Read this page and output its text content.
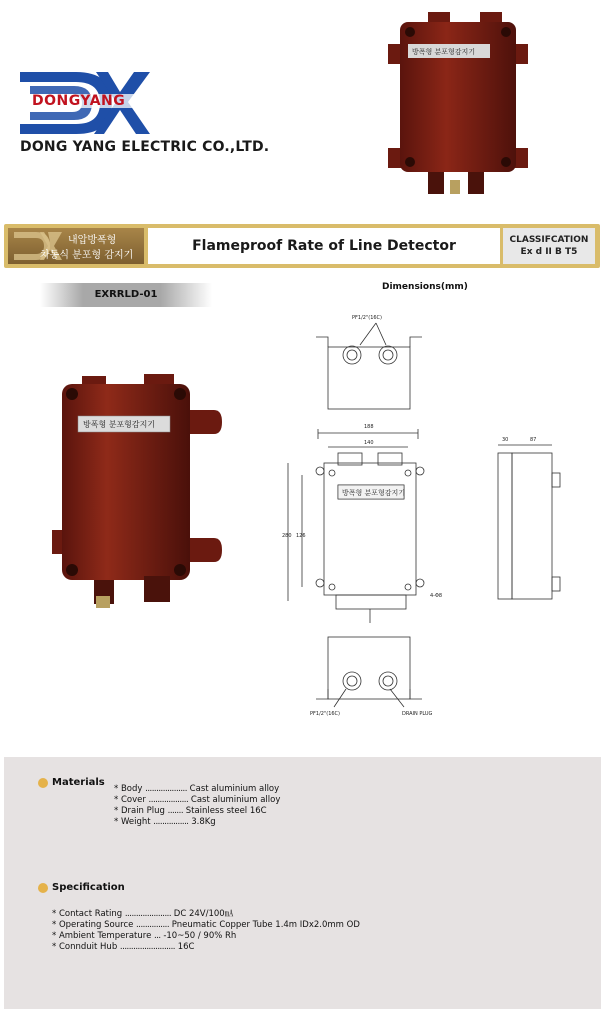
DONGYANG
DONG YANG ELECTRIC CO.,LTD.
방폭형 분포형감지기
내압방폭형
차동식 분포형 감지기
Flameproof Rate of Line Detector	CLASSIFCATION
Ex d II B T5
EXRRLD-01
Dimensions(mm)
방폭형 분포형감지기
방폭형 분포형감지기
PF1/2"(16C)
188
140	30	87
280 126
4-Φ8
PF1/2"(16C)	DRAIN PLUG
Materials
* Body ................... Cast aluminium alloy
* Cover .................. Cast aluminium alloy
* Drain Plug ....... Stainless steel 16C
* Weight ................ 3.8Kg
Specification
* Contact Rating ..................... DC 24V/100㎃
* Operating Source ............... Pneumatic Copper Tube 1.4m IDx2.0mm OD
* Ambient Temperature ... -10~50 / 90% Rh
* Connduit Hub ......................... 16C
